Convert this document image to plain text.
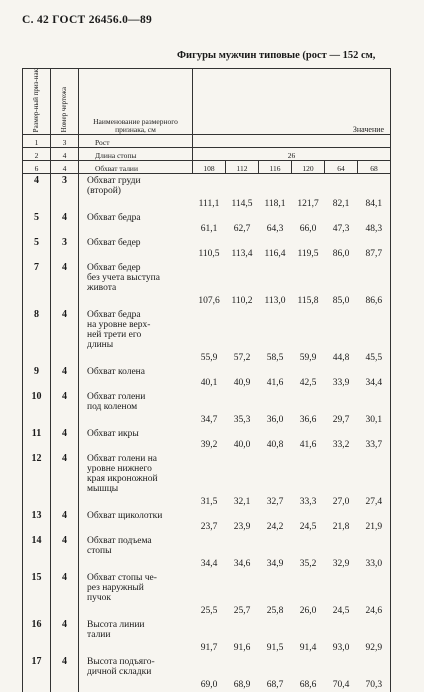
С. 42 ГОСТ 26456.0—89
Фигуры мужчин типовые (рост — 152 см,
Размер-ный приз-нак	Номер чертежа	Наименование размерного признака, см	Значение					
1	3	Рост						
2	4	Длина стопы	26					
6	4	Обхват талии	108	112	116	120	64	68
4	3	Обхват груди
(второй)	111,1	114,5	118,1	121,7	82,1	84,1
5	4	Обхват бедра	61,1	62,7	64,3	66,0	47,3	48,3
5	3	Обхват бедер	110,5	113,4	116,4	119,5	86,0	87,7
7	4	Обхват бедер
без учета выступа
живота	107,6	110,2	113,0	115,8	85,0	86,6
8	4	Обхват бедра
на уровне верх-
ней трети его
длины	55,9	57,2	58,5	59,9	44,8	45,5
9	4	Обхват колена	40,1	40,9	41,6	42,5	33,9	34,4
10	4	Обхват голени
под коленом	34,7	35,3	36,0	36,6	29,7	30,1
11	4	Обхват икры	39,2	40,0	40,8	41,6	33,2	33,7
12	4	Обхват голени на
уровне нижнего
края икроножной
мышцы	31,5	32,1	32,7	33,3	27,0	27,4
13	4	Обхват щиколотки	23,7	23,9	24,2	24,5	21,8	21,9
14	4	Обхват подъема
стопы	34,4	34,6	34,9	35,2	32,9	33,0
15	4	Обхват стопы че-
рез наружный
пучок	25,5	25,7	25,8	26,0	24,5	24,6
16	4	Высота линии
талии	91,7	91,6	91,5	91,4	93,0	92,9
17	4	Высота подъяго-
дичной складки	69,0	68,9	68,7	68,6	70,4	70,3
